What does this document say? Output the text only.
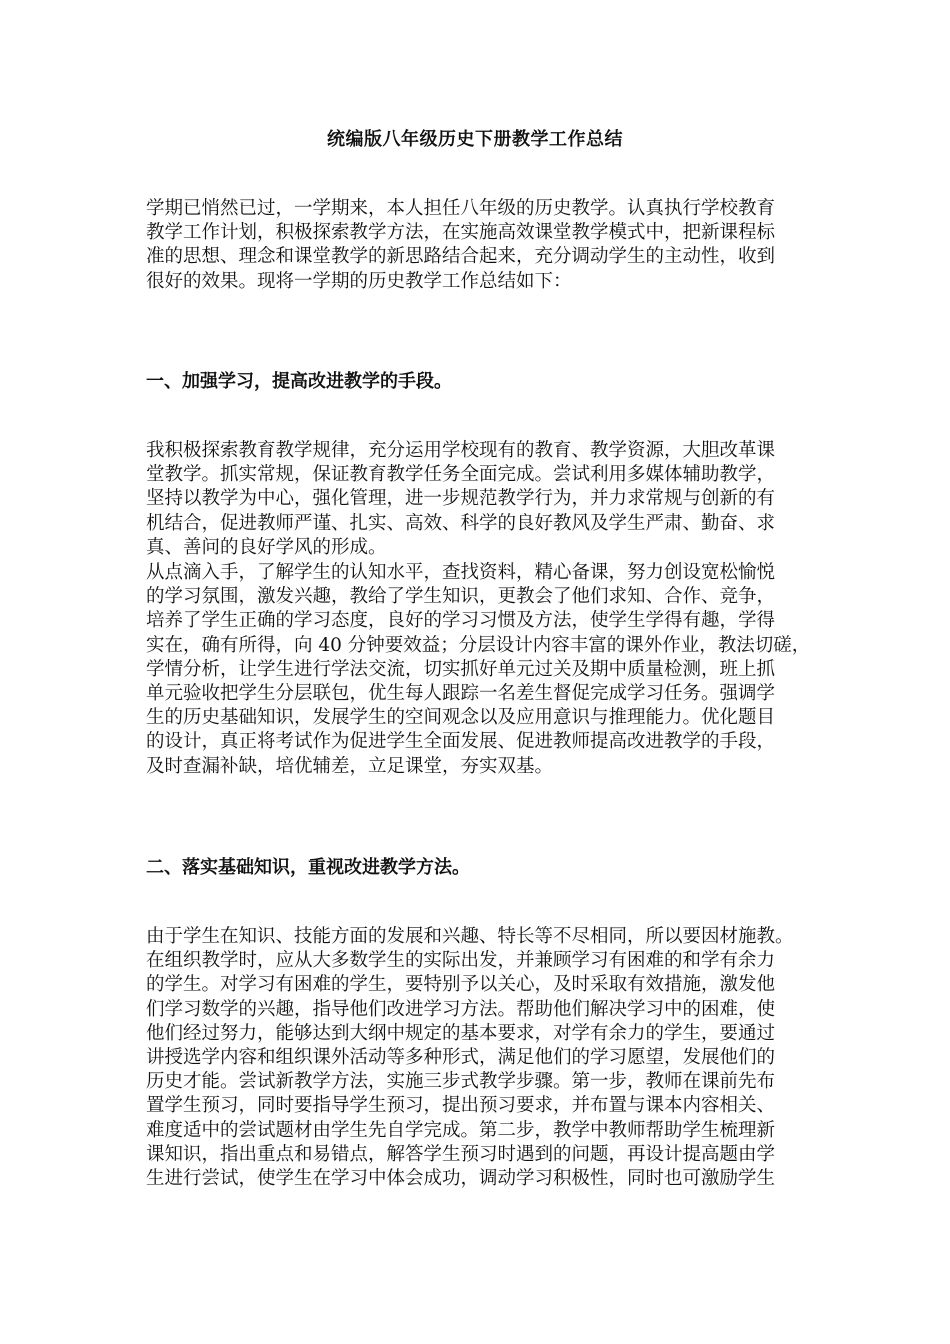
统编版八年级历史下册教学工作总结
学期已悄然已过，一学期来，本人担任八年级的历史教学。认真执行学校教育
教学工作计划，积极探索教学方法，在实施高效课堂教学模式中，把新课程标
准的思想、理念和课堂教学的新思路结合起来，充分调动学生的主动性，收到
很好的效果。现将一学期的历史教学工作总结如下：
一、加强学习，提高改进教学的手段。
我积极探索教育教学规律，充分运用学校现有的教育、教学资源，大胆改革课
堂教学。抓实常规，保证教育教学任务全面完成。尝试利用多媒体辅助教学，
坚持以教学为中心，强化管理，进一步规范教学行为，并力求常规与创新的有
机结合，促进教师严谨、扎实、高效、科学的良好教风及学生严肃、勤奋、求
真、善问的良好学风的形成。
从点滴入手，了解学生的认知水平，查找资料，精心备课，努力创设宽松愉悦
的学习氛围，激发兴趣，教给了学生知识，更教会了他们求知、合作、竞争，
培养了学生正确的学习态度，良好的学习习惯及方法，使学生学得有趣，学得
实在，确有所得，向 40 分钟要效益；分层设计内容丰富的课外作业，教法切磋，
学情分析，让学生进行学法交流，切实抓好单元过关及期中质量检测，班上抓
单元验收把学生分层联包，优生每人跟踪一名差生督促完成学习任务。强调学
生的历史基础知识，发展学生的空间观念以及应用意识与推理能力。优化题目
的设计，真正将考试作为促进学生全面发展、促进教师提高改进教学的手段，
及时查漏补缺，培优辅差，立足课堂，夯实双基。
二、落实基础知识，重视改进教学方法。
由于学生在知识、技能方面的发展和兴趣、特长等不尽相同，所以要因材施教。
在组织教学时，应从大多数学生的实际出发，并兼顾学习有困难的和学有余力
的学生。对学习有困难的学生，要特别予以关心，及时采取有效措施，激发他
们学习数学的兴趣，指导他们改进学习方法。帮助他们解决学习中的困难，使
他们经过努力，能够达到大纲中规定的基本要求，对学有余力的学生，要通过
讲授选学内容和组织课外活动等多种形式，满足他们的学习愿望，发展他们的
历史才能。尝试新教学方法，实施三步式教学步骤。第一步，教师在课前先布
置学生预习，同时要指导学生预习，提出预习要求，并布置与课本内容相关、
难度适中的尝试题材由学生先自学完成。第二步，教学中教师帮助学生梳理新
课知识，指出重点和易错点，解答学生预习时遇到的问题，再设计提高题由学
生进行尝试，使学生在学习中体会成功，调动学习积极性，同时也可激励学生
